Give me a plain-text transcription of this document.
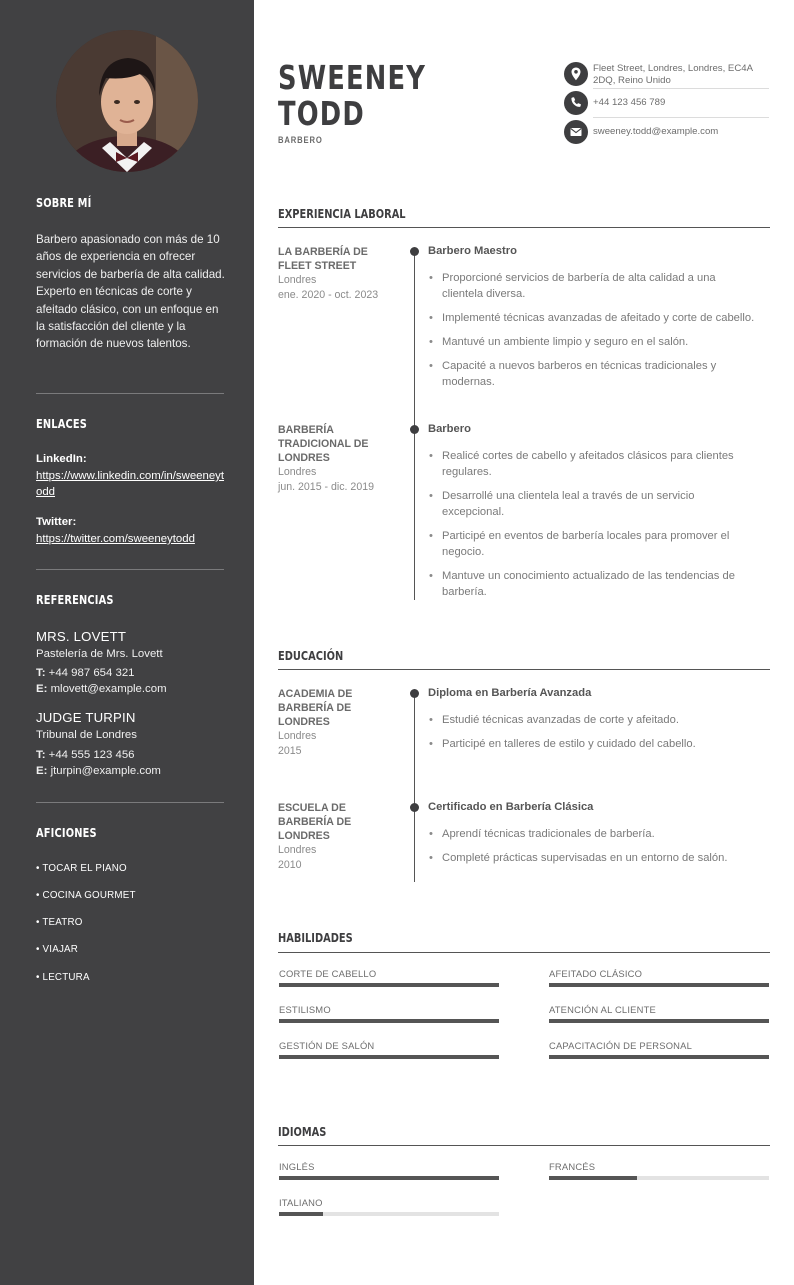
SOBRE MÍ
Barbero apasionado con más de 10 años de experiencia en ofrecer servicios de barbería de alta calidad. Experto en técnicas de corte y afeitado clásico, con un enfoque en la satisfacción del cliente y la formación de nuevos talentos.
ENLACES
LinkedIn:
https://www.linkedin.com/in/sweeneytodd
Twitter:
https://twitter.com/sweeneytodd
REFERENCIAS
MRS. LOVETT
Pastelería de Mrs. Lovett
T: +44 987 654 321
E: mlovett@example.com
JUDGE TURPIN
Tribunal de Londres
T: +44 555 123 456
E: jturpin@example.com
AFICIONES
• TOCAR EL PIANO
• COCINA GOURMET
• TEATRO
• VIAJAR
• LECTURA
SWEENEY
TODD
BARBERO
Fleet Street, Londres, Londres, EC4A 2DQ, Reino Unido
+44 123 456 789
sweeney.todd@example.com
EXPERIENCIA LABORAL
LA BARBERÍA DE FLEET STREET
Londres
ene. 2020 - oct. 2023
Barbero Maestro
• Proporcioné servicios de barbería de alta calidad a una clientela diversa.
• Implementé técnicas avanzadas de afeitado y corte de cabello.
• Mantuvé un ambiente limpio y seguro en el salón.
• Capacité a nuevos barberos en técnicas tradicionales y modernas.
BARBERÍA TRADICIONAL DE LONDRES
Londres
jun. 2015 - dic. 2019
Barbero
• Realicé cortes de cabello y afeitados clásicos para clientes regulares.
• Desarrollé una clientela leal a través de un servicio excepcional.
• Participé en eventos de barbería locales para promover el negocio.
• Mantuve un conocimiento actualizado de las tendencias de barbería.
EDUCACIÓN
ACADEMIA DE BARBERÍA DE LONDRES
Londres
2015
Diploma en Barbería Avanzada
• Estudié técnicas avanzadas de corte y afeitado.
• Participé en talleres de estilo y cuidado del cabello.
ESCUELA DE BARBERÍA DE LONDRES
Londres
2010
Certificado en Barbería Clásica
• Aprendí técnicas tradicionales de barbería.
• Completé prácticas supervisadas en un entorno de salón.
HABILIDADES
CORTE DE CABELLO	AFEITADO CLÁSICO
ESTILISMO	ATENCIÓN AL CLIENTE
GESTIÓN DE SALÓN	CAPACITACIÓN DE PERSONAL
IDIOMAS
INGLÉS	FRANCÉS
ITALIANO
